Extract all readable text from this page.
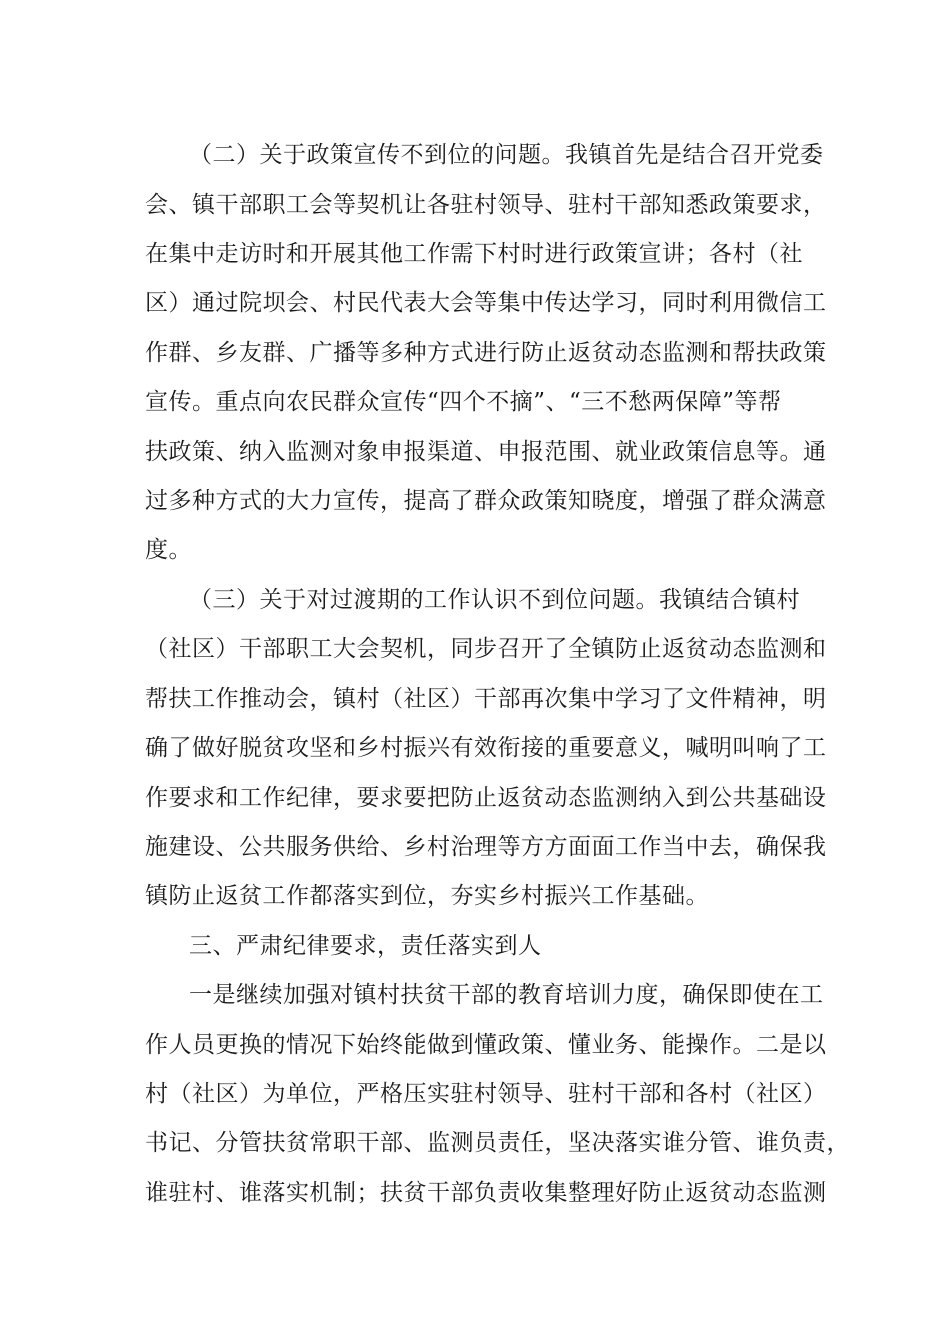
（二）关于政策宣传不到位的问题。我镇首先是结合召开党委
会、镇干部职工会等契机让各驻村领导、驻村干部知悉政策要求，
在集中走访时和开展其他工作需下村时进行政策宣讲；各村（社
区）通过院坝会、村民代表大会等集中传达学习，同时利用微信工
作群、乡友群、广播等多种方式进行防止返贫动态监测和帮扶政策
宣传。重点向农民群众宣传“四个不摘”、“三不愁两保障”等帮
扶政策、纳入监测对象申报渠道、申报范围、就业政策信息等。通
过多种方式的大力宣传，提高了群众政策知晓度，增强了群众满意
度。
（三）关于对过渡期的工作认识不到位问题。我镇结合镇村
（社区）干部职工大会契机，同步召开了全镇防止返贫动态监测和
帮扶工作推动会，镇村（社区）干部再次集中学习了文件精神，明
确了做好脱贫攻坚和乡村振兴有效衔接的重要意义，喊明叫响了工
作要求和工作纪律，要求要把防止返贫动态监测纳入到公共基础设
施建设、公共服务供给、乡村治理等方方面面工作当中去，确保我
镇防止返贫工作都落实到位，夯实乡村振兴工作基础。
三、严肃纪律要求，责任落实到人
一是继续加强对镇村扶贫干部的教育培训力度，确保即使在工
作人员更换的情况下始终能做到懂政策、懂业务、能操作。二是以
村（社区）为单位，严格压实驻村领导、驻村干部和各村（社区）
书记、分管扶贫常职干部、监测员责任，坚决落实谁分管、谁负责，
谁驻村、谁落实机制；扶贫干部负责收集整理好防止返贫动态监测
